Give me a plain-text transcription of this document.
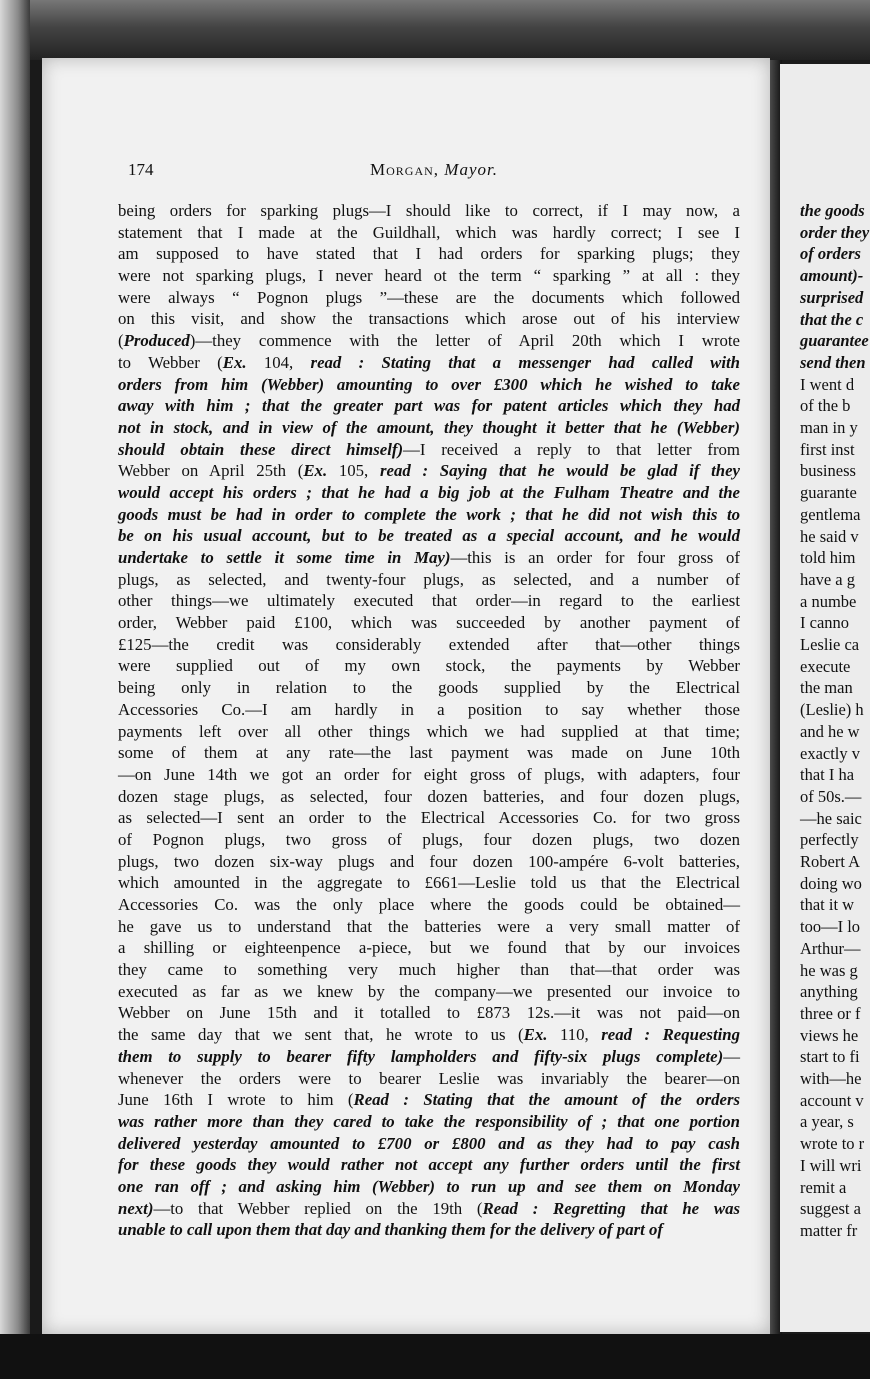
174	Morgan, Mayor.
being orders for sparking plugs—I should like to correct, if I may now, a
statement that I made at the Guildhall, which was hardly correct; I see I
am supposed to have stated that I had orders for sparking plugs; they
were not sparking plugs, I never heard ot the term “ sparking ” at all : they
were always “ Pognon plugs ”—these are the documents which followed
on this visit, and show the transactions which arose out of his interview
(Produced)—they commence with the letter of April 20th which I wrote
to Webber (Ex. 104, read : Stating that a messenger had called with
orders from him (Webber) amounting to over £300 which he wished to take
away with him ; that the greater part was for patent articles which they had
not in stock, and in view of the amount, they thought it better that he (Webber)
should obtain these direct himself)—I received a reply to that letter from
Webber on April 25th (Ex. 105, read : Saying that he would be glad if they
would accept his orders ; that he had a big job at the Fulham Theatre and the
goods must be had in order to complete the work ; that he did not wish this to
be on his usual account, but to be treated as a special account, and he would
undertake to settle it some time in May)—this is an order for four gross of
plugs, as selected, and twenty-four plugs, as selected, and a number of
other things—we ultimately executed that order—in regard to the earliest
order, Webber paid £100, which was succeeded by another payment of
£125—the credit was considerably extended after that—other things
were supplied out of my own stock, the payments by Webber
being only in relation to the goods supplied by the Electrical
Accessories Co.—I am hardly in a position to say whether those
payments left over all other things which we had supplied at that time;
some of them at any rate—the last payment was made on June 10th
—on June 14th we got an order for eight gross of plugs, with adapters, four
dozen stage plugs, as selected, four dozen batteries, and four dozen plugs,
as selected—I sent an order to the Electrical Accessories Co. for two gross
of Pognon plugs, two gross of plugs, four dozen plugs, two dozen
plugs, two dozen six-way plugs and four dozen 100-ampére 6-volt batteries,
which amounted in the aggregate to £661—Leslie told us that the Electrical
Accessories Co. was the only place where the goods could be obtained—
he gave us to understand that the batteries were a very small matter of
a shilling or eighteenpence a-piece, but we found that by our invoices
they came to something very much higher than that—that order was
executed as far as we knew by the company—we presented our invoice to
Webber on June 15th and it totalled to £873 12s.—it was not paid—on
the same day that we sent that, he wrote to us (Ex. 110, read : Requesting
them to supply to bearer fifty lampholders and fifty-six plugs complete)—
whenever the orders were to bearer Leslie was invariably the bearer—on
June 16th I wrote to him (Read : Stating that the amount of the orders
was rather more than they cared to take the responsibility of ; that one portion
delivered yesterday amounted to £700 or £800 and as they had to pay cash
for these goods they would rather not accept any further orders until the first
one ran off ; and asking him (Webber) to run up and see them on Monday
next)—to that Webber replied on the 19th (Read : Regretting that he was
unable to call upon them that day and thanking them for the delivery of part of
the goods
order they
of orders
amount)-
surprised
that the c
guarantee
send then
I went d
of the b
man in y
first inst
business
guarante
gentlema
he said v
told him
have a g
a numbe
I canno
Leslie ca
execute
the man
(Leslie) h
and he w
exactly v
that I ha
of 50s.—
—he saic
perfectly
Robert A
doing wo
that it w
too—I lo
Arthur—
he was g
anything
three or f
views he
start to fi
with—he
account v
a year, s
wrote to r
I will wri
remit a
suggest a
matter fr
